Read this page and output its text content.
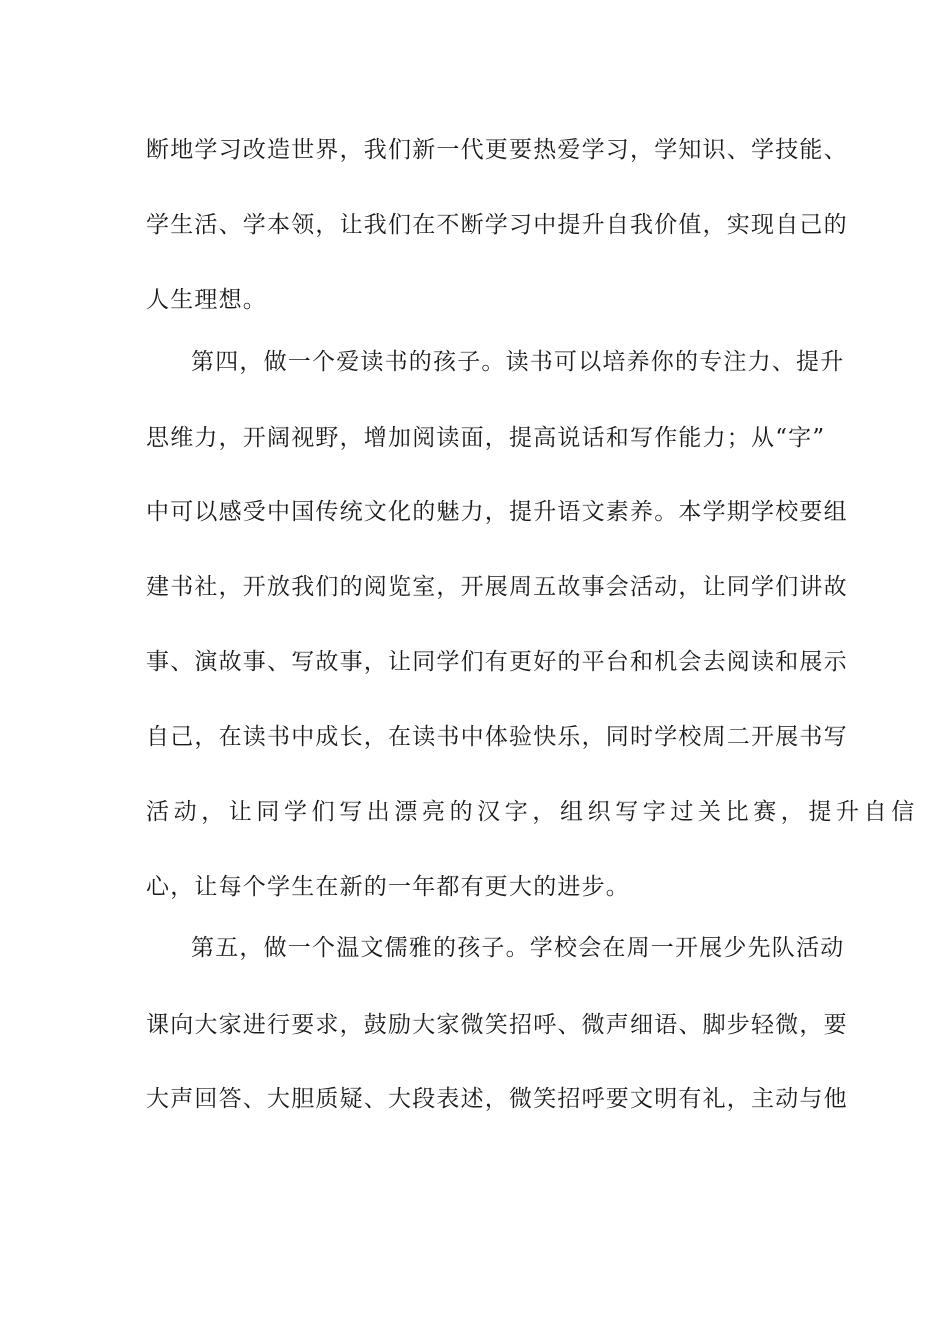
断地学习改造世界，我们新一代更要热爱学习，学知识、学技能、
学生活、学本领，让我们在不断学习中提升自我价值，实现自己的
人生理想。
第四，做一个爱读书的孩子。读书可以培养你的专注力、提升
思维力，开阔视野，增加阅读面，提高说话和写作能力；从“字”
中可以感受中国传统文化的魅力，提升语文素养。本学期学校要组
建书社，开放我们的阅览室，开展周五故事会活动，让同学们讲故
事、演故事、写故事，让同学们有更好的平台和机会去阅读和展示
自己，在读书中成长，在读书中体验快乐，同时学校周二开展书写
活动，让同学们写出漂亮的汉字，组织写字过关比赛，提升自信
心，让每个学生在新的一年都有更大的进步。
第五，做一个温文儒雅的孩子。学校会在周一开展少先队活动
课向大家进行要求，鼓励大家微笑招呼、微声细语、脚步轻微，要
大声回答、大胆质疑、大段表述，微笑招呼要文明有礼，主动与他
